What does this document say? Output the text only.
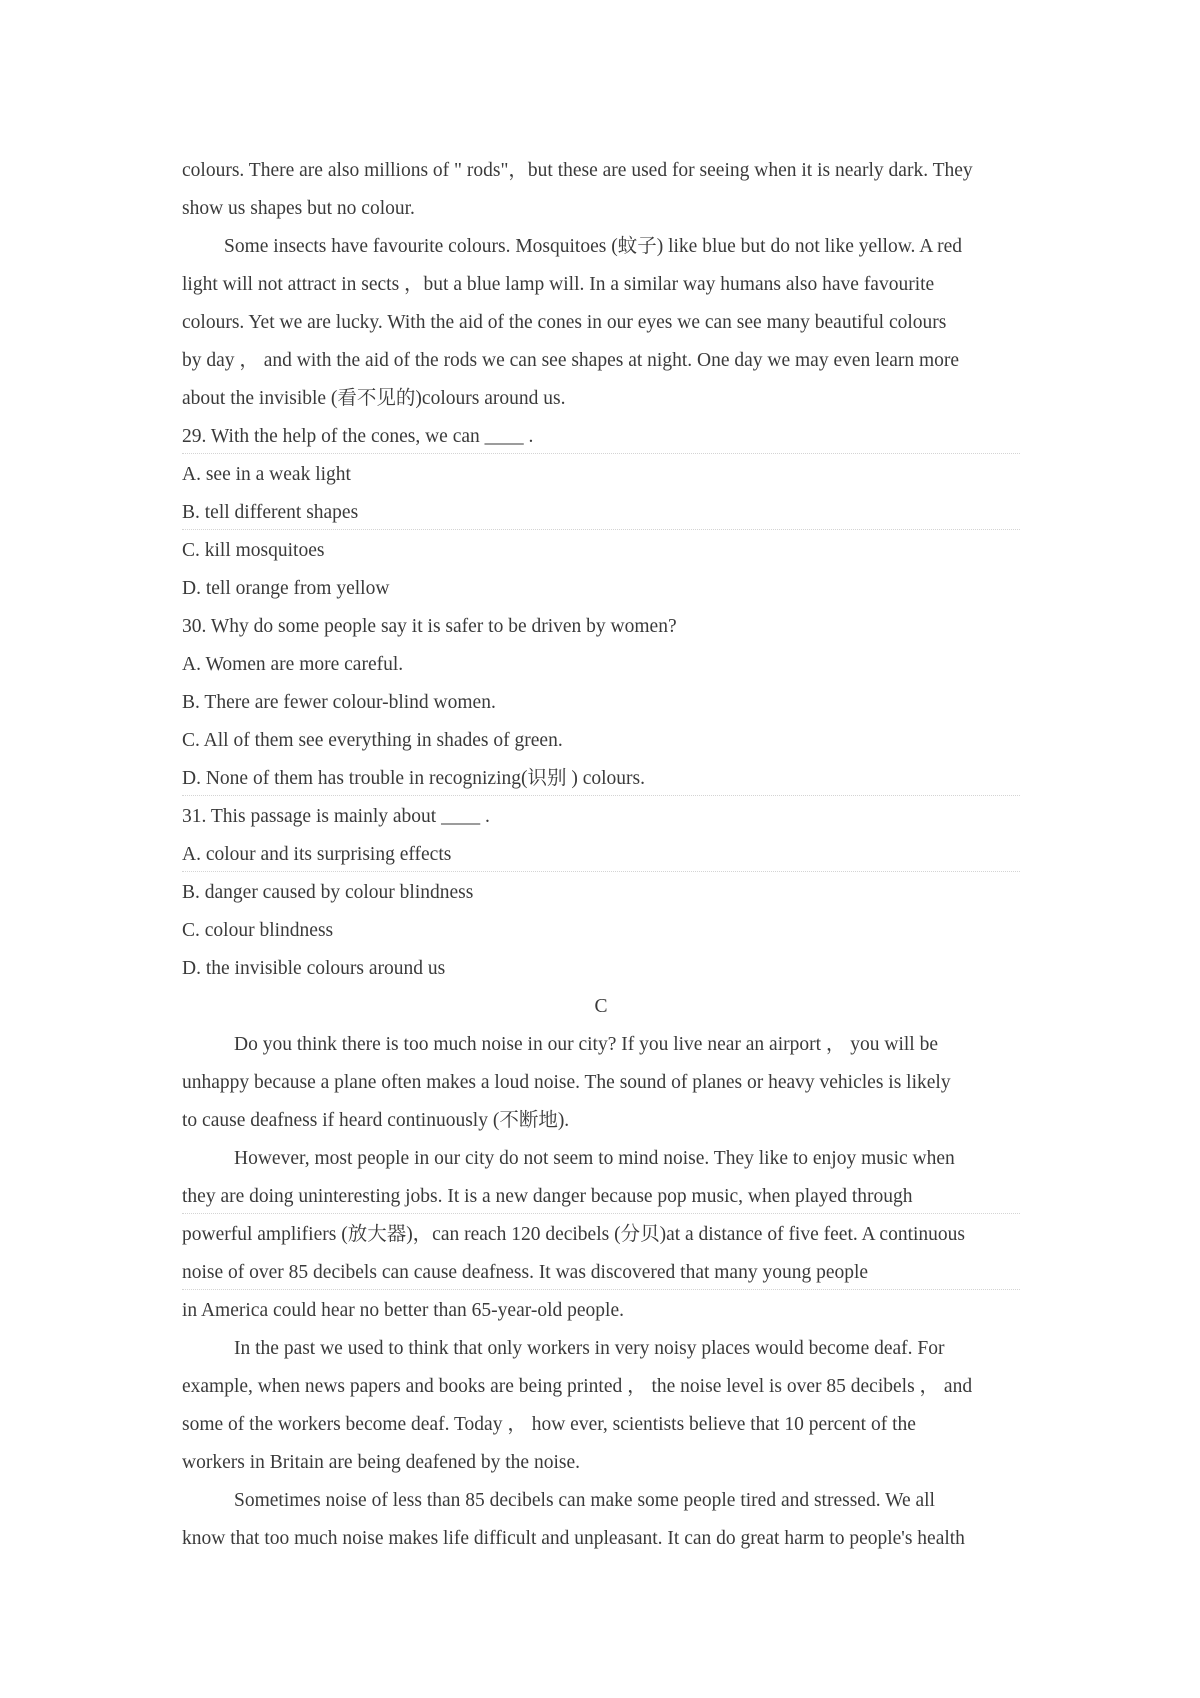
colours. There are also millions of " rods"，but these are used for seeing when it is nearly dark. They
show us shapes but no colour.
Some insects have favourite colours. Mosquitoes (蚊子) like blue but do not like yellow. A red
light will not attract in sects ，but a blue lamp will. In a similar way humans also have favourite
colours. Yet we are lucky. With the aid of the cones in our eyes we can see many beautiful colours
by day ， and with the aid of the rods we can see shapes at night. One day we may even learn more
about the invisible (看不见的)colours around us.
29. With the help of the cones, we can ____ .
A. see in a weak light
B. tell different shapes
C. kill mosquitoes
D. tell orange from yellow
30. Why do some people say it is safer to be driven by women?
A. Women are more careful.
B. There are fewer colour-blind women.
C. All of them see everything in shades of green.
D. None of them has trouble in recognizing(识别 ) colours.
31. This passage is mainly about ____ .
A. colour and its surprising effects
B. danger caused by colour blindness
C. colour blindness
D. the invisible colours around us
C
Do you think there is too much noise in our city? If you live near an airport ， you will be
unhappy because a plane often makes a loud noise. The sound of planes or heavy vehicles is likely
to cause deafness if heard continuously (不断地).
However, most people in our city do not seem to mind noise. They like to enjoy music when
they are doing uninteresting jobs. It is a new danger because pop music, when played through
powerful amplifiers (放大器)，can reach 120 decibels (分贝)at a distance of five feet. A continuous
noise of over 85 decibels can cause deafness. It was discovered that many young people
in America could hear no better than 65-year-old people.
In the past we used to think that only workers in very noisy places would become deaf. For
example, when news papers and books are being printed ， the noise level is over 85 decibels ， and
some of the workers become deaf. Today ， how ever, scientists believe that 10 percent of the
workers in Britain are being deafened by the noise.
Sometimes noise of less than 85 decibels can make some people tired and stressed. We all
know that too much noise makes life difficult and unpleasant. It can do great harm to people's health
